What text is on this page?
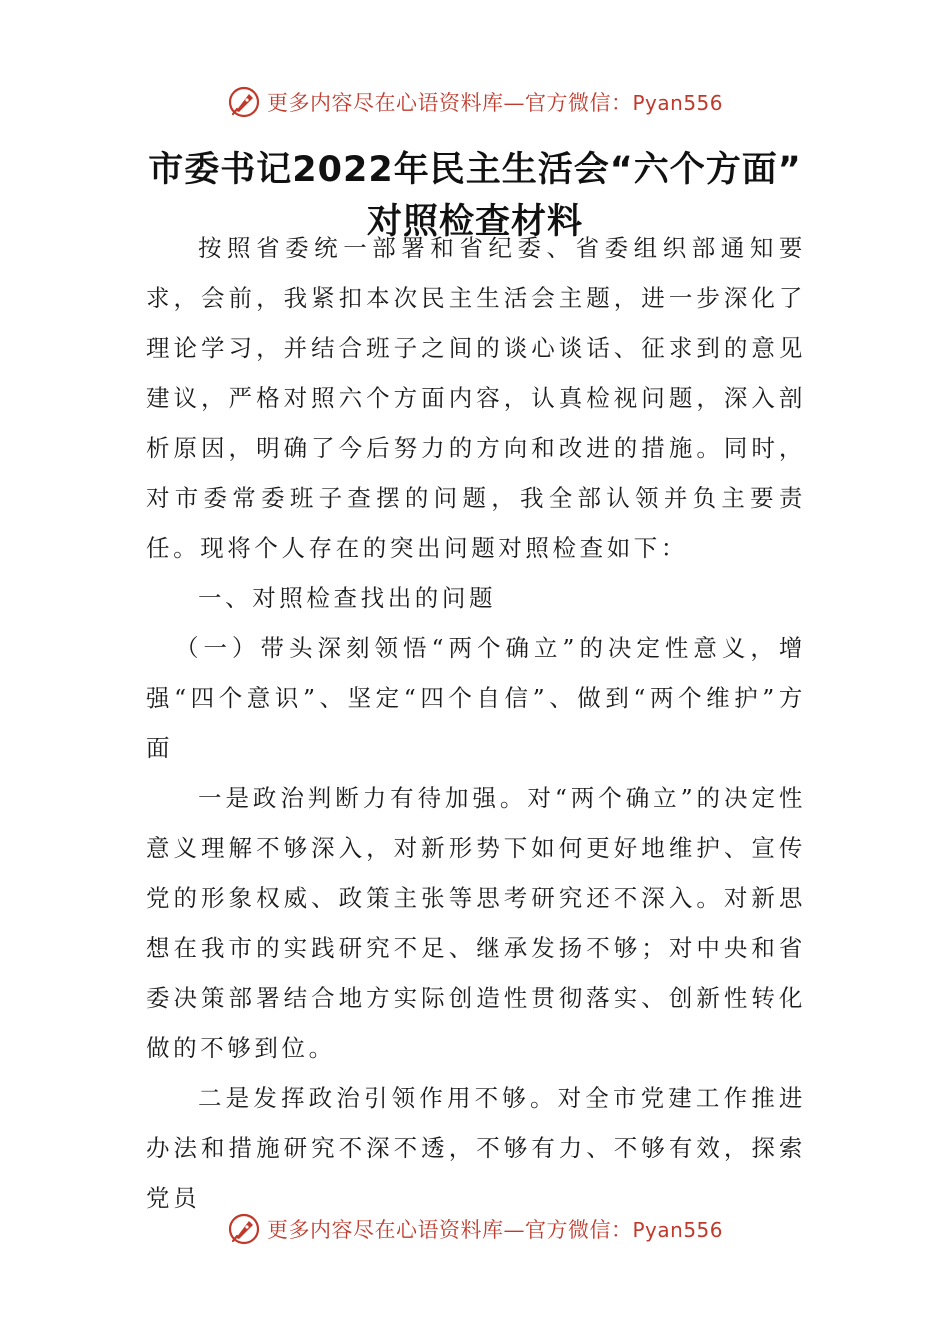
更多内容尽在心语资料库—官方微信：Pyan556
市委书记2022年民主生活会“六个方面”
对照检查材料

按照省委统一部署和省纪委、省委组织部通知要求，会前，我紧扣本次民主生活会主题，进一步深化了理论学习，并结合班子之间的谈心谈话、征求到的意见建议，严格对照六个方面内容，认真检视问题，深入剖析原因，明确了今后努力的方向和改进的措施。同时，对市委常委班子查摆的问题，我全部认领并负主要责任。现将个人存在的突出问题对照检查如下：

一、对照检查找出的问题

（一）带头深刻领悟“两个确立”的决定性意义，增强“四个意识”、坚定“四个自信”、做到“两个维护”方面

一是政治判断力有待加强。对“两个确立”的决定性意义理解不够深入，对新形势下如何更好地维护、宣传党的形象权威、政策主张等思考研究还不深入。对新思想在我市的实践研究不足、继承发扬不够；对中央和省委决策部署结合地方实际创造性贯彻落实、创新性转化做的不够到位。

二是发挥政治引领作用不够。对全市党建工作推进办法和措施研究不深不透，不够有力、不够有效，探索党员

更多内容尽在心语资料库—官方微信：Pyan556
